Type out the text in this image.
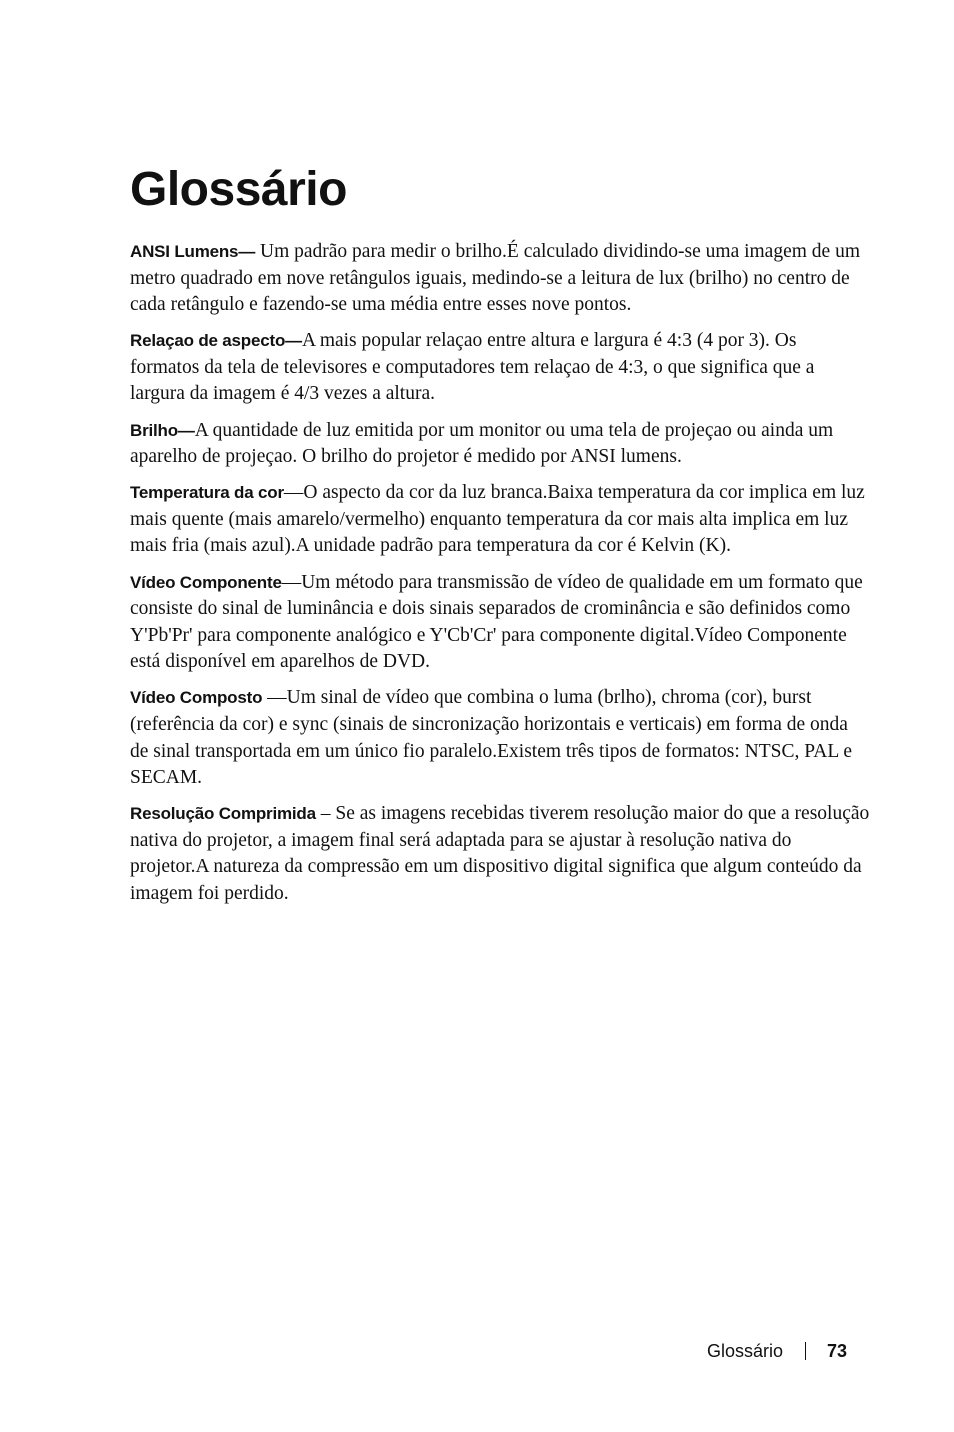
Glossário

ANSI Lumens— Um padrão para medir o brilho.É calculado dividindo-se uma imagem de um metro quadrado em nove retângulos iguais, medindo-se a leitura de lux (brilho) no centro de cada retângulo e fazendo-se uma média entre esses nove pontos.

Relaçao de aspecto—A mais popular relaçao entre altura e largura é 4:3 (4 por 3). Os formatos da tela de televisores e computadores tem relaçao de 4:3, o que significa que a largura da imagem é 4/3 vezes a altura.

Brilho—A quantidade de luz emitida por um monitor ou uma tela de projeçao ou ainda um aparelho de projeçao. O brilho do projetor é medido por ANSI lumens.

Temperatura da cor—O aspecto da cor da luz branca.Baixa temperatura da cor implica em luz mais quente (mais amarelo/vermelho) enquanto temperatura da cor mais alta implica em luz mais fria (mais azul).A unidade padrão para temperatura da cor é Kelvin (K).

Vídeo Componente—Um método para transmissão de vídeo de qualidade em um formato que consiste do sinal de luminância e dois sinais separados de crominância e são definidos como Y'Pb'Pr' para componente analógico e Y'Cb'Cr' para componente digital.Vídeo Componente está disponível em aparelhos de DVD.

Vídeo Composto —Um sinal de vídeo que combina o luma (brlho), chroma (cor), burst (referência da cor) e sync (sinais de sincronização horizontais e verticais) em forma de onda de sinal transportada em um único fio paralelo.Existem três tipos de formatos: NTSC, PAL e SECAM.

Resolução Comprimida – Se as imagens recebidas tiverem resolução maior do que a resolução nativa do projetor, a imagem final será adaptada para se ajustar à resolução nativa do projetor.A natureza da compressão em um dispositivo digital significa que algum conteúdo da imagem foi perdido.

Glossário 73
